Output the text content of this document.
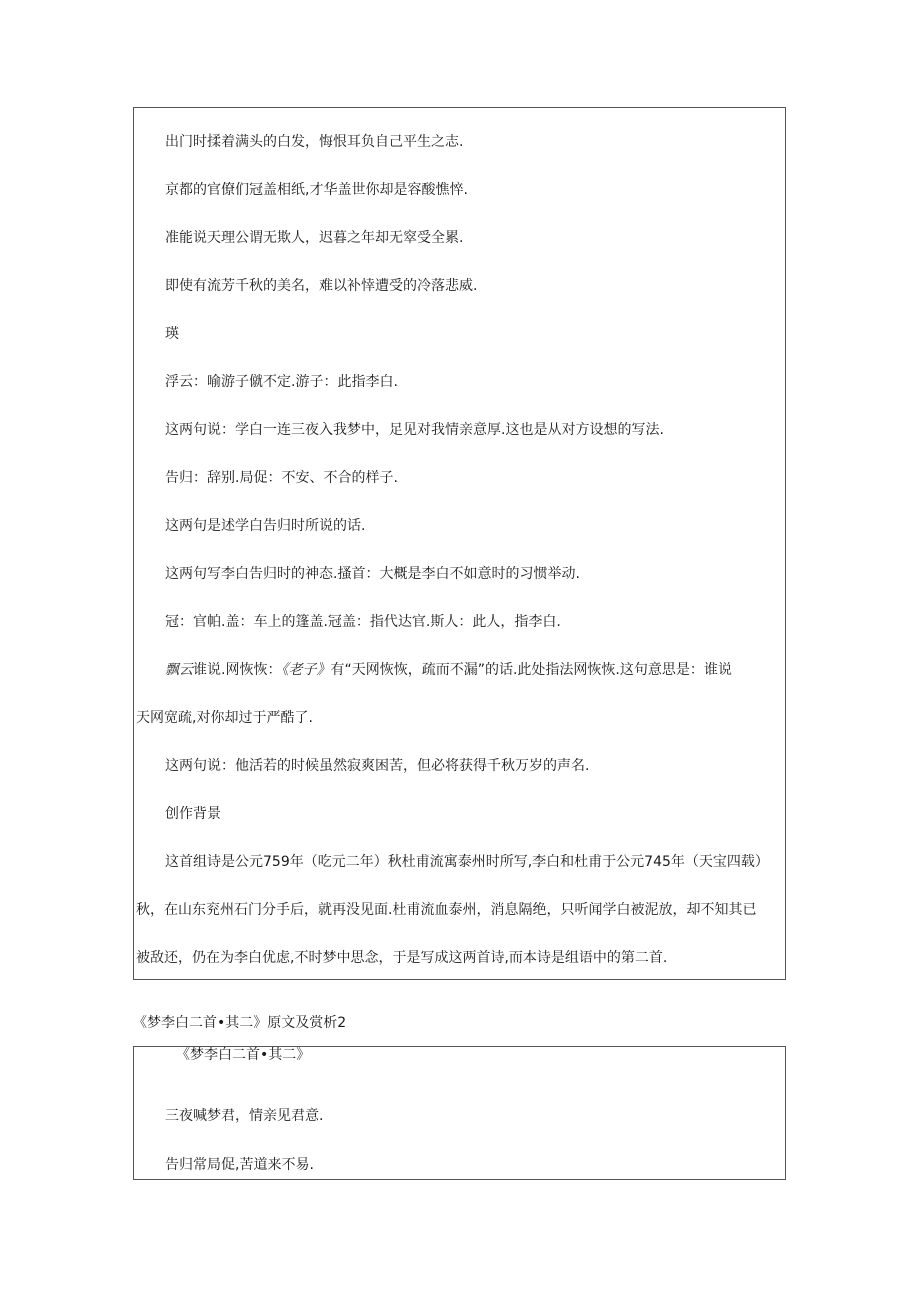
出门时揉着满头的白发，悔恨耳负自己平生之志.
京都的官僚们冠盖相纸,才华盖世你却是容酸憔悴.
准能说天理公谓无欺人，迟暮之年却无窣受全累.
即使有流芳千秋的美名，难以补悻遭受的冷落悲威.
瑛
浮云：喻游子僦不定.游子：此指李白.
这两句说：学白一连三夜入我梦中，足见对我情亲意厚.这也是从对方设想的写法.
告归：辞别.局促：不安、不合的样子.
这两句是述学白告归时所说的话.
这两句写李白告归时的神态.搔首：大概是李白不如意时的习惯举动.
冠：官帕.盖：车上的篷盖.冠盖：指代达官.斯人：此人，指李白.
飘云谁说.网恢恢：《老子》有“天网恢恢，疏而不漏”的话.此处指法网恢恢.这句意思是：谁说
天网宽疏,对你却过于严酷了.
这两句说：他活若的时候虽然寂爽困苦，但必将获得千秋万岁的声名.
创作背景
这首组诗是公元759年（吃元二年）秋杜甫流寓泰州时所写,李白和杜甫于公元745年（天宝四载）
秋，在山东兖州石门分手后，就再没见面.杜甫流血泰州，消息隔绝，只听闻学白被泥放，却不知其已
被敌还，仍在为李白优虑,不时梦中思念，于是写成这两首诗,而本诗是组语中的第二首.
《梦李白二首•其二》原文及赏析2
《梦李白二首•其二》
三夜喊梦君，情亲见君意.
告归常局促,苦道来不易.
